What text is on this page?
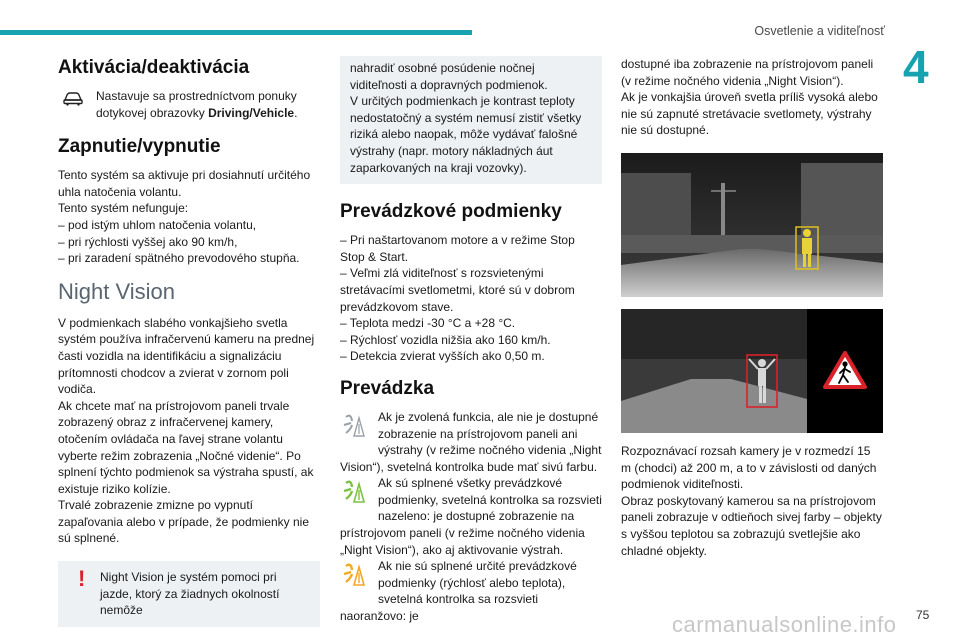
Osvetlenie a viditeľnosť
4
Aktivácia/deaktivácia
Nastavuje sa prostredníctvom ponuky dotykovej obrazovky Driving/Vehicle.
Zapnutie/vypnutie

Tento systém sa aktivuje pri dosiahnutí určitého uhla natočenia volantu.

Tento systém nefunguje:

– pod istým uhlom natočenia volantu,

– pri rýchlosti vyššej ako 90 km/h,

– pri zaradení spätného prevodového stupňa.

Night Vision

V podmienkach slabého vonkajšieho svetla systém používa infračervenú kameru na prednej časti vozidla na identifikáciu a signalizáciu prítomnosti chodcov a zvierat v zornom poli vodiča.

Ak chcete mať na prístrojovom paneli trvale zobrazený obraz z infračervenej kamery, otočením ovládača na ľavej strane volantu vyberte režim zobrazenia „Nočné videnie“. Po splnení týchto podmienok sa výstraha spustí, ak existuje riziko kolízie.

Trvalé zobrazenie zmizne po vypnutí zapaľovania alebo v prípade, že podmienky nie sú splnené.

! Night Vision je systém pomoci pri jazde, ktorý za žiadnych okolností nemôže

nahradiť osobné posúdenie nočnej viditeľnosti a dopravných podmienok.

V určitých podmienkach je kontrast teploty nedostatočný a systém nemusí zistiť všetky riziká alebo naopak, môže vydávať falošné výstrahy (napr. motory nákladných áut zaparkovaných na kraji vozovky).

Prevádzkové podmienky

– Pri naštartovanom motore a v režime Stop Stop & Start.

– Veľmi zlá viditeľnosť s rozsvietenými stretávacími svetlometmi, ktoré sú v dobrom prevádzkovom stave.

– Teplota medzi -30 °C a +28 °C.

– Rýchlosť vozidla nižšia ako 160 km/h.

– Detekcia zvierat vyšších ako 0,50 m.

Prevádzka

Ak je zvolená funkcia, ale nie je dostupné zobrazenie na prístrojovom paneli ani výstrahy (v režime nočného videnia „Night Vision“), svetelná kontrolka bude mať sivú farbu.

Ak sú splnené všetky prevádzkové podmienky, svetelná kontrolka sa rozsvieti nazeleno: je dostupné zobrazenie na prístrojovom paneli (v režime nočného videnia „Night Vision“), ako aj aktivovanie výstrah.

Ak nie sú splnené určité prevádzkové podmienky (rýchlosť alebo teplota), svetelná kontrolka sa rozsvieti naoranžovo: je

dostupné iba zobrazenie na prístrojovom paneli (v režime nočného videnia „Night Vision“).

Ak je vonkajšia úroveň svetla príliš vysoká alebo nie sú zapnuté stretávacie svetlomety, výstrahy nie sú dostupné.

Rozpoznávací rozsah kamery je v rozmedzí 15 m (chodci) až 200 m, a to v závislosti od daných podmienok viditeľnosti.

Obraz poskytovaný kamerou sa na prístrojovom paneli zobrazuje v odtieňoch sivej farby – objekty s vyššou teplotou sa zobrazujú svetlejšie ako chladné objekty.

carmanualsonline.info 75
